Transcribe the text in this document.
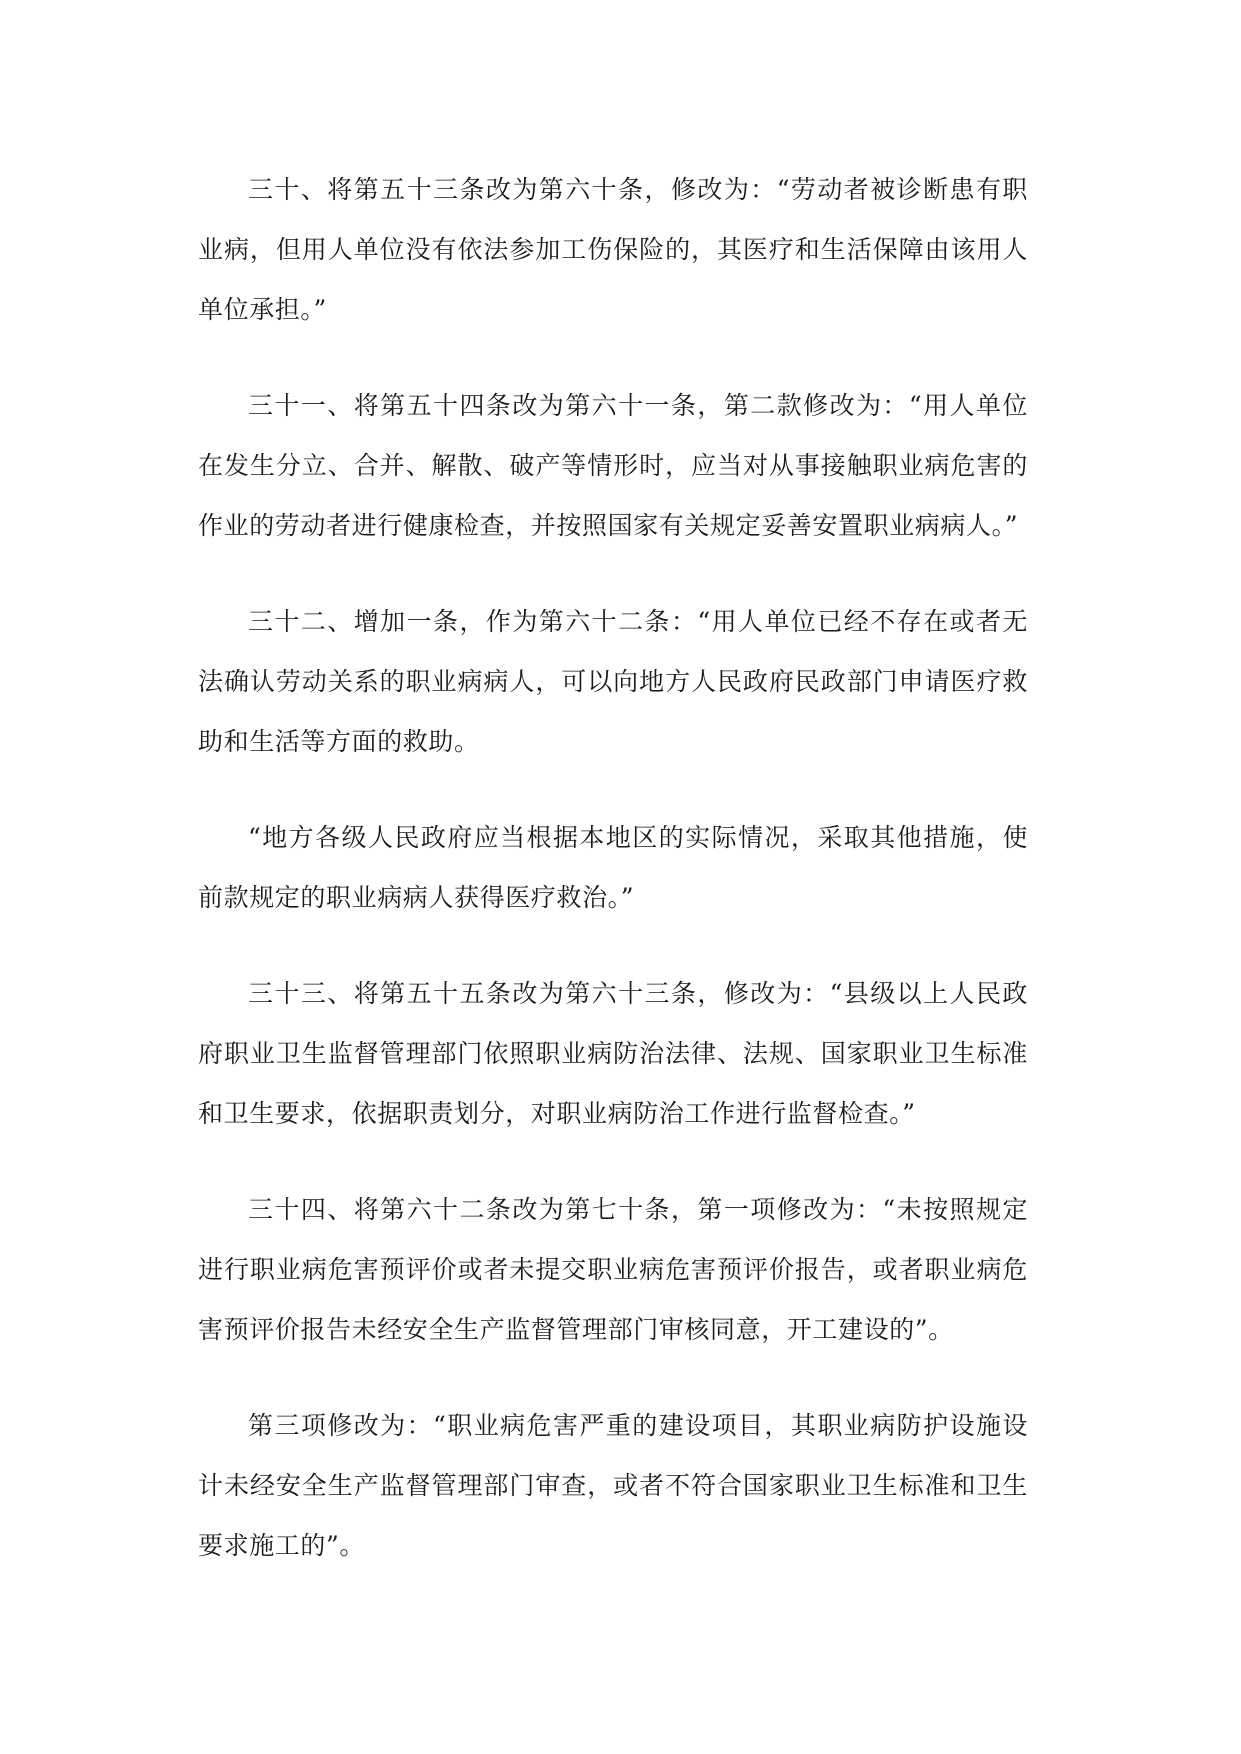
三十、将第五十三条改为第六十条，修改为：“劳动者被诊断患有职业病，但用人单位没有依法参加工伤保险的，其医疗和生活保障由该用人单位承担。”

三十一、将第五十四条改为第六十一条，第二款修改为：“用人单位在发生分立、合并、解散、破产等情形时，应当对从事接触职业病危害的作业的劳动者进行健康检查，并按照国家有关规定妥善安置职业病病人。”

三十二、增加一条，作为第六十二条：“用人单位已经不存在或者无法确认劳动关系的职业病病人，可以向地方人民政府民政部门申请医疗救助和生活等方面的救助。

“地方各级人民政府应当根据本地区的实际情况，采取其他措施，使前款规定的职业病病人获得医疗救治。”

三十三、将第五十五条改为第六十三条，修改为：“县级以上人民政府职业卫生监督管理部门依照职业病防治法律、法规、国家职业卫生标准和卫生要求，依据职责划分，对职业病防治工作进行监督检查。”

三十四、将第六十二条改为第七十条，第一项修改为：“未按照规定进行职业病危害预评价或者未提交职业病危害预评价报告，或者职业病危害预评价报告未经安全生产监督管理部门审核同意，开工建设的”。

第三项修改为：“职业病危害严重的建设项目，其职业病防护设施设计未经安全生产监督管理部门审查，或者不符合国家职业卫生标准和卫生要求施工的”。
